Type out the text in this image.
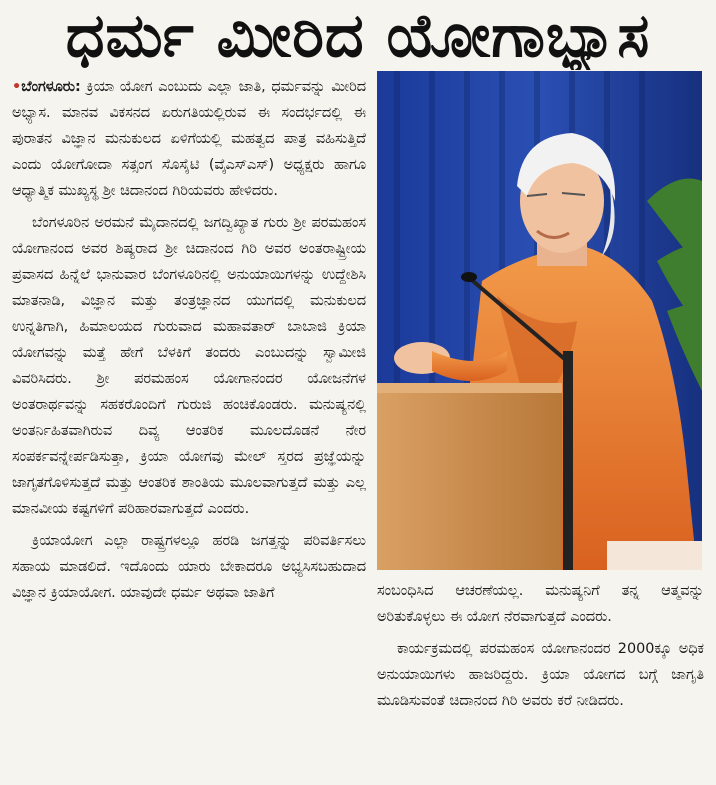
ಧರ್ಮ ಮೀರಿದ ಯೋಗಾಭ್ಯಾಸ

•ಬೆಂಗಳೂರು: ಕ್ರಿಯಾ ಯೋಗ ಎಂಬುದು ಎಲ್ಲಾ ಜಾತಿ, ಧರ್ಮವನ್ನು ಮೀರಿದ ಅಭ್ಯಾಸ. ಮಾನವ ವಿಕಸನದ ಏರುಗತಿಯಲ್ಲಿರುವ ಈ ಸಂದರ್ಭದಲ್ಲಿ ಈ ಪುರಾತನ ವಿಜ್ಞಾನ ಮನುಕುಲದ ಏಳಿಗೆಯಲ್ಲಿ ಮಹತ್ವದ ಪಾತ್ರ ವಹಿಸುತ್ತಿದೆ ಎಂದು ಯೋಗೋದಾ ಸತ್ಸಂಗ ಸೊಸೈಟಿ (ವೈಎಸ್‌ಎಸ್) ಅಧ್ಯಕ್ಷರು ಹಾಗೂ ಆಧ್ಯಾತ್ಮಿಕ ಮುಖ್ಯಸ್ಥ ಶ್ರೀ ಚಿದಾನಂದ ಗಿರಿಯವರು ಹೇಳಿದರು.

ಬೆಂಗಳೂರಿನ ಅರಮನೆ ಮೈದಾನದಲ್ಲಿ ಜಗದ್ವಿಖ್ಯಾತ ಗುರು ಶ್ರೀ ಪರಮಹಂಸ ಯೋಗಾನಂದ ಅವರ ಶಿಷ್ಯರಾದ ಶ್ರೀ ಚಿದಾನಂದ ಗಿರಿ ಅವರ ಅಂತರಾಷ್ಟ್ರೀಯ ಪ್ರವಾಸದ ಹಿನ್ನೆಲೆ ಭಾನುವಾರ ಬೆಂಗಳೂರಿನಲ್ಲಿ ಅನುಯಾಯಿಗಳನ್ನು ಉದ್ದೇಶಿಸಿ ಮಾತನಾಡಿ, ವಿಜ್ಞಾನ ಮತ್ತು ತಂತ್ರಜ್ಞಾನದ ಯುಗದಲ್ಲಿ ಮನುಕುಲದ ಉನ್ನತಿಗಾಗಿ, ಹಿಮಾಲಯದ ಗುರುವಾದ ಮಹಾವತಾರ್ ಬಾಬಾಜಿ ಕ್ರಿಯಾ ಯೋಗವನ್ನು ಮತ್ತೆ ಹೇಗೆ ಬೆಳಕಿಗೆ ತಂದರು ಎಂಬುದನ್ನು ಸ್ವಾಮೀಜಿ ವಿವರಿಸಿದರು. ಶ್ರೀ ಪರಮಹಂಸ ಯೋಗಾನಂದರ ಯೋಜನೆಗಳ ಅಂತರಾರ್ಥವನ್ನು ಸಹಕರೊಂದಿಗೆ ಗುರುಜಿ ಹಂಚಿಕೊಂಡರು. ಮನುಷ್ಯನಲ್ಲಿ ಅಂತರ್ನಿಹಿತವಾಗಿರುವ ದಿವ್ಯ ಆಂತರಿಕ ಮೂಲದೊಡನೆ ನೇರ ಸಂಪರ್ಕವನ್ನೇರ್ಪಡಿಸುತ್ತಾ, ಕ್ರಿಯಾ ಯೋಗವು ಮೇಲ್ ಸ್ತರದ ಪ್ರಜ್ಞೆಯನ್ನು ಜಾಗೃತಗೊಳಿಸುತ್ತದೆ ಮತ್ತು ಆಂತರಿಕ ಶಾಂತಿಯ ಮೂಲವಾಗುತ್ತದೆ ಮತ್ತು ಎಲ್ಲ ಮಾನವೀಯ ಕಷ್ಟಗಳಿಗೆ ಪರಿಹಾರವಾಗುತ್ತದೆ ಎಂದರು.

ಕ್ರಿಯಾಯೋಗ ಎಲ್ಲಾ ರಾಷ್ಟ್ರಗಳಲ್ಲೂ ಹರಡಿ ಜಗತ್ತನ್ನು ಪರಿವರ್ತಿಸಲು ಸಹಾಯ ಮಾಡಲಿದೆ. ಇದೊಂದು ಯಾರು ಬೇಕಾದರೂ ಅಭ್ಯಸಿಸಬಹುದಾದ ವಿಜ್ಞಾನ ಕ್ರಿಯಾಯೋಗ. ಯಾವುದೇ ಧರ್ಮ ಅಥವಾ ಜಾತಿಗೆ	ಸಂಬಂಧಿಸಿದ ಆಚರಣೆಯಲ್ಲ. ಮನುಷ್ಯನಿಗೆ ತನ್ನ ಆತ್ಮವನ್ನು ಅರಿತುಕೊಳ್ಳಲು ಈ ಯೋಗ ನೆರವಾಗುತ್ತದೆ ಎಂದರು.

ಕಾರ್ಯಕ್ರಮದಲ್ಲಿ ಪರಮಹಂಸ ಯೋಗಾನಂದರ 2000ಕ್ಕೂ ಅಧಿಕ ಅನುಯಾಯಿಗಳು ಹಾಜರಿದ್ದರು. ಕ್ರಿಯಾ ಯೋಗದ ಬಗ್ಗೆ ಜಾಗೃತಿ ಮೂಡಿಸುವಂತೆ ಚಿದಾನಂದ ಗಿರಿ ಅವರು ಕರೆ ನೀಡಿದರು.
